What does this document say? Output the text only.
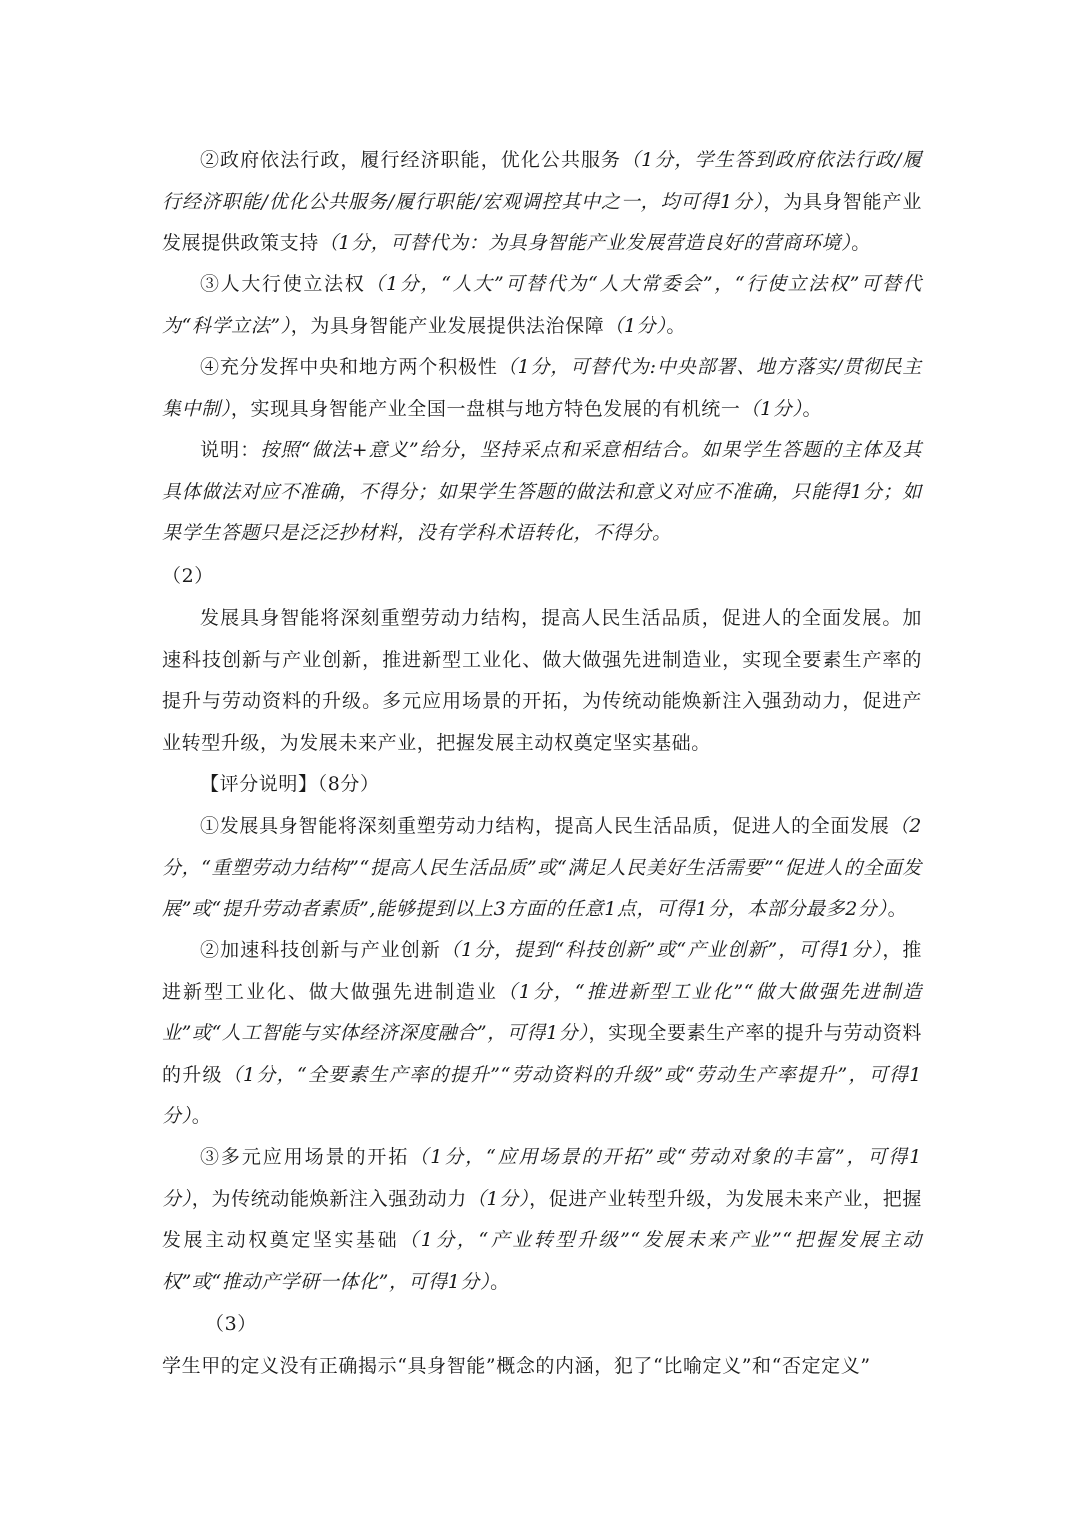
②政府依法行政，履行经济职能，优化公共服务（1分，学生答到政府依法行政/履行经济职能/优化公共服务/履行职能/宏观调控其中之一，均可得1分），为具身智能产业发展提供政策支持（1分，可替代为：为具身智能产业发展营造良好的营商环境）。

③人大行使立法权（1分，“人大”可替代为“人大常委会”，“行使立法权”可替代为“科学立法”），为具身智能产业发展提供法治保障（1分）。

④充分发挥中央和地方两个积极性（1分，可替代为:中央部署、地方落实/贯彻民主集中制），实现具身智能产业全国一盘棋与地方特色发展的有机统一（1分）。

说明：按照“做法+意义”给分，坚持采点和采意相结合。如果学生答题的主体及其具体做法对应不准确，不得分；如果学生答题的做法和意义对应不准确，只能得1分；如果学生答题只是泛泛抄材料，没有学科术语转化，不得分。

（2）

发展具身智能将深刻重塑劳动力结构，提高人民生活品质，促进人的全面发展。加速科技创新与产业创新，推进新型工业化、做大做强先进制造业，实现全要素生产率的提升与劳动资料的升级。多元应用场景的开拓，为传统动能焕新注入强劲动力，促进产业转型升级，为发展未来产业，把握发展主动权奠定坚实基础。

【评分说明】（8分）

①发展具身智能将深刻重塑劳动力结构，提高人民生活品质，促进人的全面发展（2分，“重塑劳动力结构”“提高人民生活品质”或“满足人民美好生活需要”“促进人的全面发展”或“提升劳动者素质”,能够提到以上3方面的任意1点，可得1分，本部分最多2分）。

②加速科技创新与产业创新（1分，提到“科技创新”或“产业创新”，可得1分），推进新型工业化、做大做强先进制造业（1分，“推进新型工业化”“做大做强先进制造业”或“人工智能与实体经济深度融合”，可得1分），实现全要素生产率的提升与劳动资料的升级（1分，“全要素生产率的提升”“劳动资料的升级”或“劳动生产率提升”，可得1分）。

③多元应用场景的开拓（1分，“应用场景的开拓”或“劳动对象的丰富”，可得1分），为传统动能焕新注入强劲动力（1分），促进产业转型升级，为发展未来产业，把握发展主动权奠定坚实基础（1分，“产业转型升级”“发展未来产业”“把握发展主动权”或“推动产学研一体化”，可得1分）。

（3）

学生甲的定义没有正确揭示“具身智能”概念的内涵，犯了“比喻定义”和“否定定义”
